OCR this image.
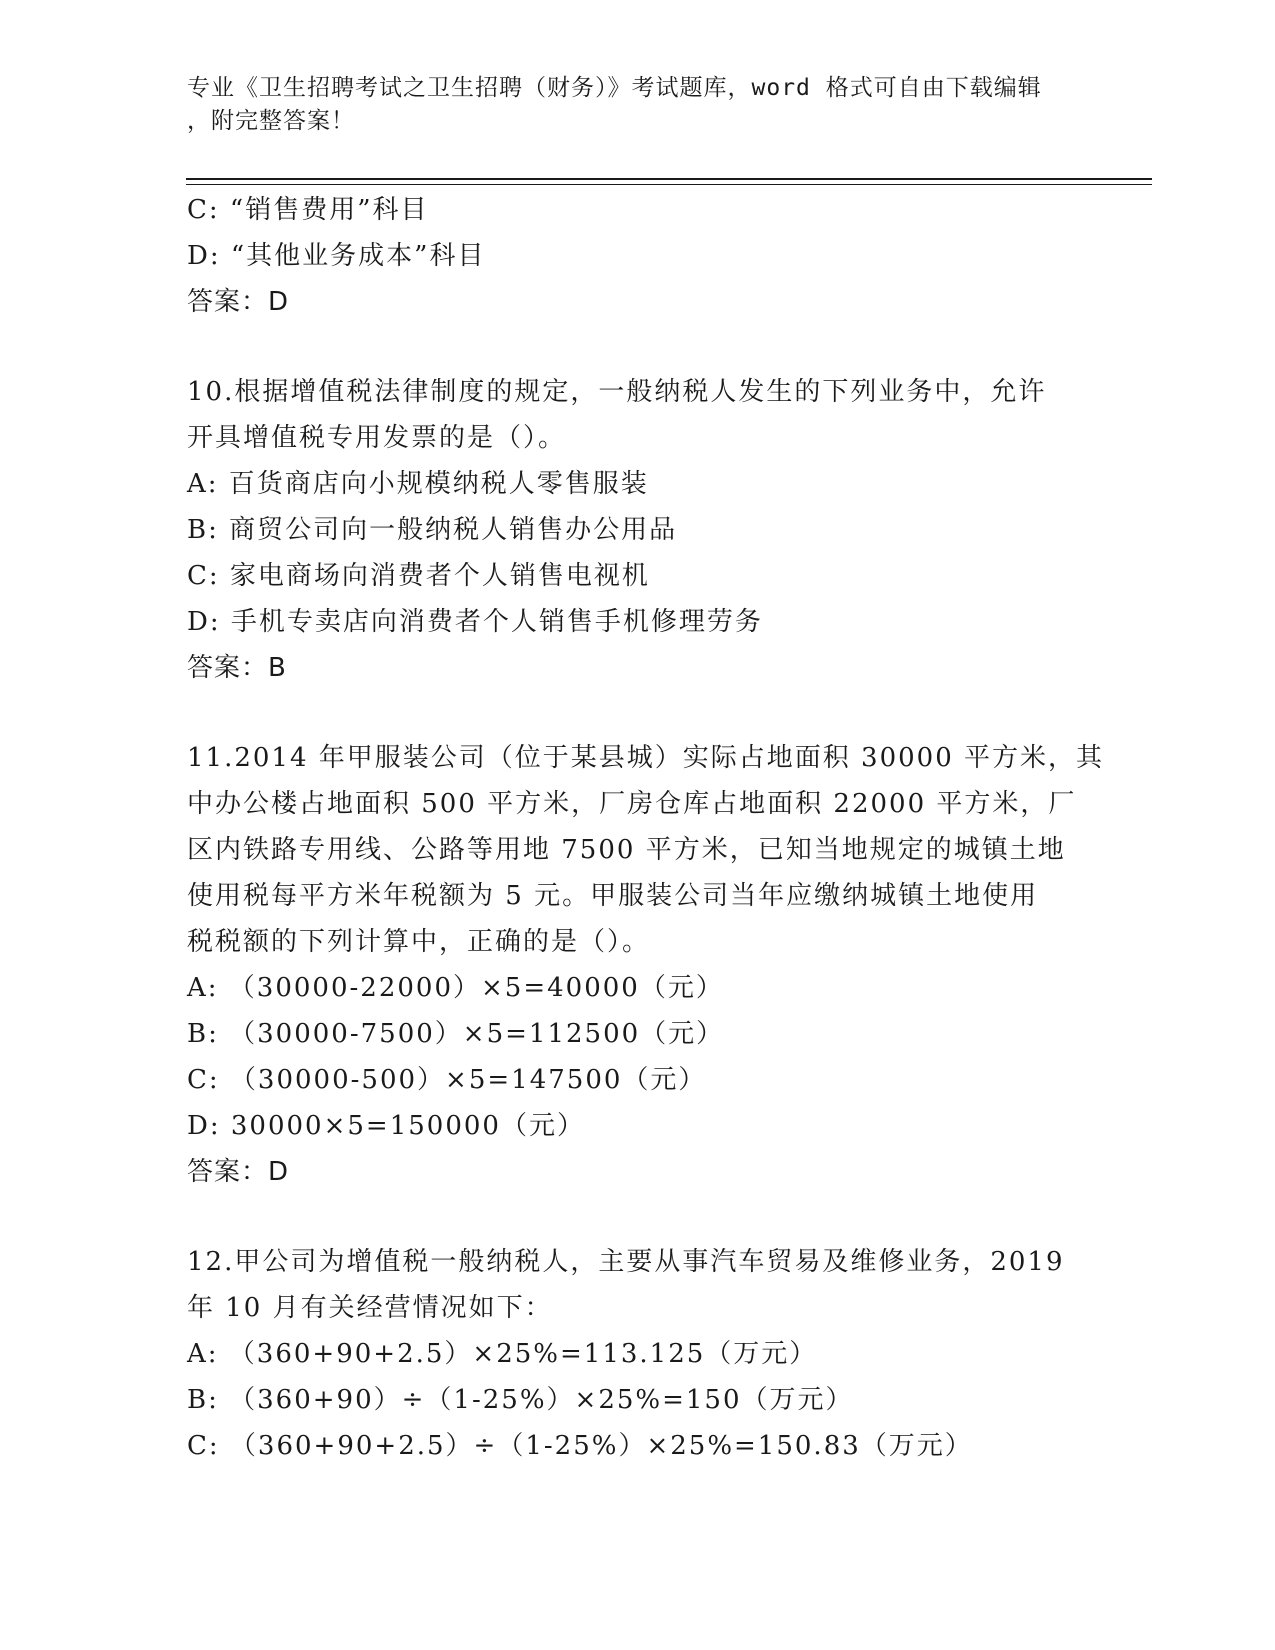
专业《卫生招聘考试之卫生招聘（财务）》考试题库，word 格式可自由下载编辑
，附完整答案！
C: “销售费用”科目
D: “其他业务成本”科目
答案：D
10.根据增值税法律制度的规定，一般纳税人发生的下列业务中，允许
开具增值税专用发票的是（）。
A: 百货商店向小规模纳税人零售服装
B: 商贸公司向一般纳税人销售办公用品
C: 家电商场向消费者个人销售电视机
D: 手机专卖店向消费者个人销售手机修理劳务
答案：B
11.2014 年甲服装公司（位于某县城）实际占地面积 30000 平方米，其
中办公楼占地面积 500 平方米，厂房仓库占地面积 22000 平方米，厂
区内铁路专用线、公路等用地 7500 平方米，已知当地规定的城镇土地
使用税每平方米年税额为 5 元。甲服装公司当年应缴纳城镇土地使用
税税额的下列计算中，正确的是（）。
A: （30000-22000）×5=40000（元）
B: （30000-7500）×5=112500（元）
C: （30000-500）×5=147500（元）
D: 30000×5=150000（元）
答案：D
12.甲公司为增值税一般纳税人，主要从事汽车贸易及维修业务，2019
年 10 月有关经营情况如下：
A: （360+90+2.5）×25%=113.125（万元）
B: （360+90）÷（1-25%）×25%=150（万元）
C: （360+90+2.5）÷（1-25%）×25%=150.83（万元）
